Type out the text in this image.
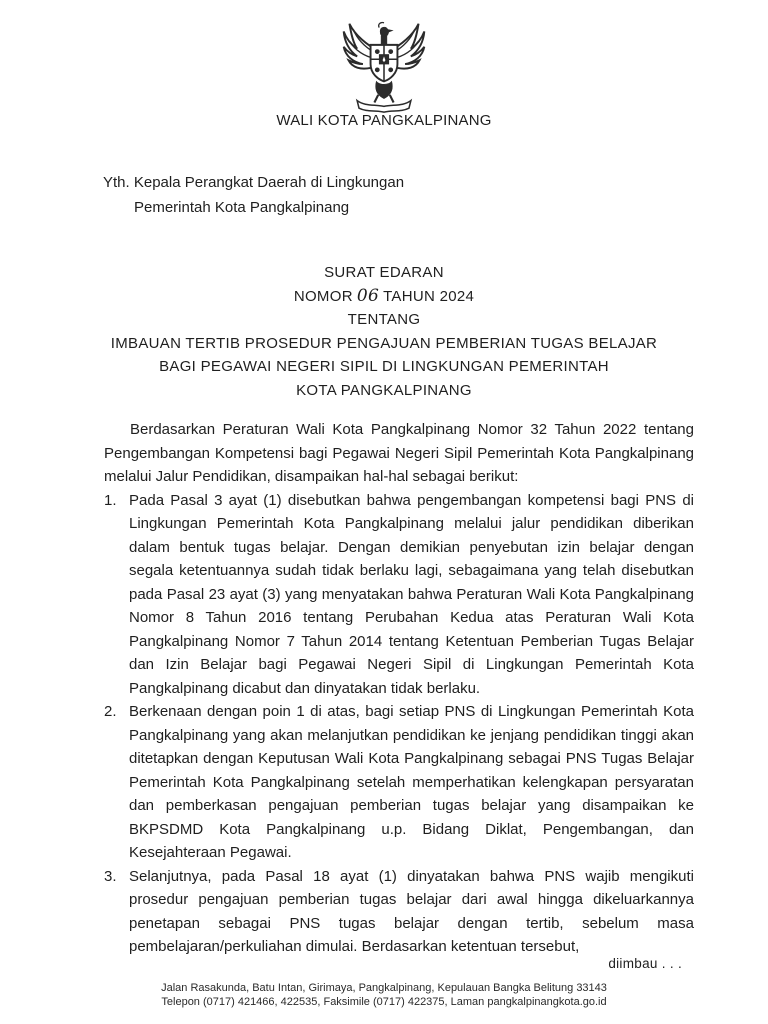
WALI KOTA PANGKALPINANG
Yth. Kepala Perangkat Daerah di Lingkungan
Pemerintah Kota Pangkalpinang
SURAT EDARAN
NOMOR 06 TAHUN 2024
TENTANG
IMBAUAN TERTIB PROSEDUR PENGAJUAN PEMBERIAN TUGAS BELAJAR
BAGI PEGAWAI NEGERI SIPIL DI LINGKUNGAN PEMERINTAH
KOTA PANGKALPINANG

Berdasarkan Peraturan Wali Kota Pangkalpinang Nomor 32 Tahun 2022 tentang Pengembangan Kompetensi bagi Pegawai Negeri Sipil Pemerintah Kota Pangkalpinang melalui Jalur Pendidikan, disampaikan hal-hal sebagai berikut:

1. Pada Pasal 3 ayat (1) disebutkan bahwa pengembangan kompetensi bagi PNS di Lingkungan Pemerintah Kota Pangkalpinang melalui jalur pendidikan diberikan dalam bentuk tugas belajar. Dengan demikian penyebutan izin belajar dengan segala ketentuannya sudah tidak berlaku lagi, sebagaimana yang telah disebutkan pada Pasal 23 ayat (3) yang menyatakan bahwa Peraturan Wali Kota Pangkalpinang Nomor 8 Tahun 2016 tentang Perubahan Kedua atas Peraturan Wali Kota Pangkalpinang Nomor 7 Tahun 2014 tentang Ketentuan Pemberian Tugas Belajar dan Izin Belajar bagi Pegawai Negeri Sipil di Lingkungan Pemerintah Kota Pangkalpinang dicabut dan dinyatakan tidak berlaku.
2. Berkenaan dengan poin 1 di atas, bagi setiap PNS di Lingkungan Pemerintah Kota Pangkalpinang yang akan melanjutkan pendidikan ke jenjang pendidikan tinggi akan ditetapkan dengan Keputusan Wali Kota Pangkalpinang sebagai PNS Tugas Belajar Pemerintah Kota Pangkalpinang setelah memperhatikan kelengkapan persyaratan dan pemberkasan pengajuan pemberian tugas belajar yang disampaikan ke BKPSDMD Kota Pangkalpinang u.p. Bidang Diklat, Pengembangan, dan Kesejahteraan Pegawai.
3. Selanjutnya, pada Pasal 18 ayat (1) dinyatakan bahwa PNS wajib mengikuti prosedur pengajuan pemberian tugas belajar dari awal hingga dikeluarkannya penetapan sebagai PNS tugas belajar dengan tertib, sebelum masa pembelajaran/perkuliahan dimulai. Berdasarkan ketentuan tersebut,
diimbau . . .
Jalan Rasakunda, Batu Intan, Girimaya, Pangkalpinang, Kepulauan Bangka Belitung 33143
Telepon (0717) 421466, 422535, Faksimile (0717) 422375, Laman pangkalpinangkota.go.id
